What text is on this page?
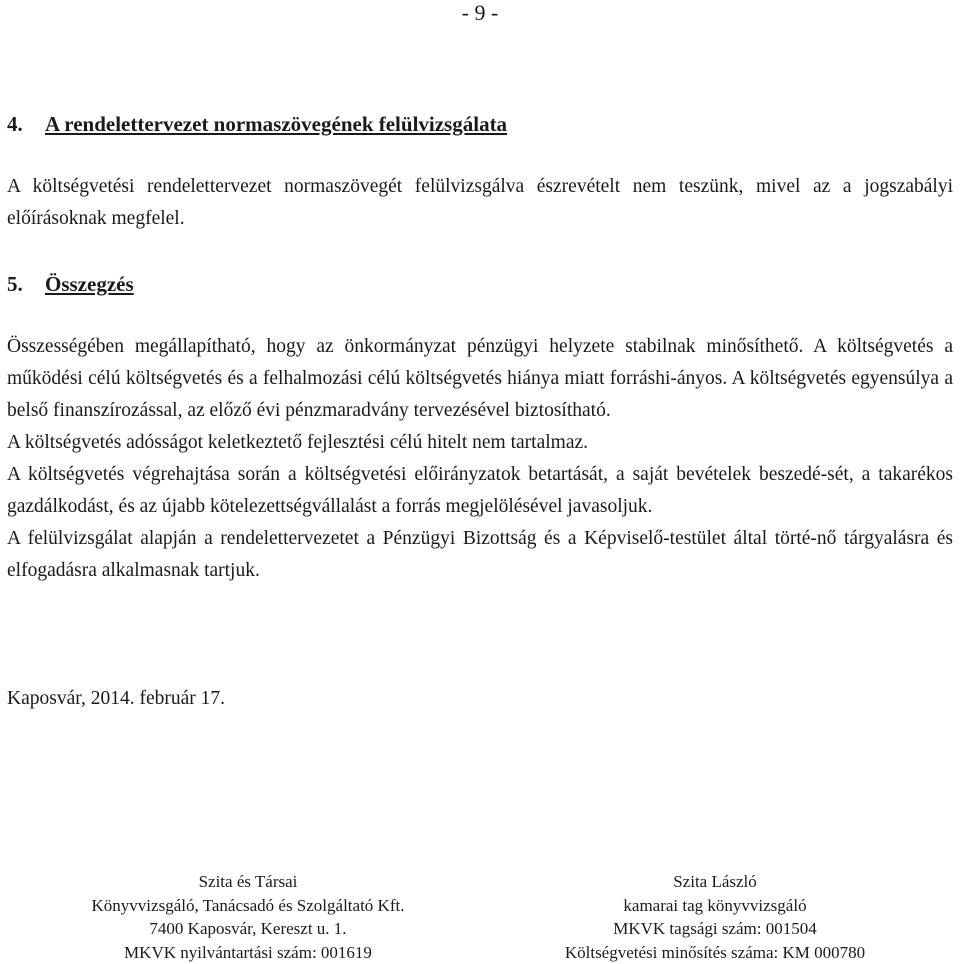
- 9 -
4. A rendelettervezet normaszövegének felülvizsgálata

A költségvetési rendelettervezet normaszövegét felülvizsgálva észrevételt nem teszünk, mivel az a jogszabályi előírásoknak megfelel.

5. Összegzés
Összességében megállapítható, hogy az önkormányzat pénzügyi helyzete stabilnak minősíthető. A költségvetés a működési célú költségvetés és a felhalmozási célú költségvetés hiánya miatt forráshi-ányos. A költségvetés egyensúlya a belső finanszírozással, az előző évi pénzmaradvány tervezésével biztosítható.
A költségvetés adósságot keletkeztető fejlesztési célú hitelt nem tartalmaz.
A költségvetés végrehajtása során a költségvetési előirányzatok betartását, a saját bevételek beszedé-sét, a takarékos gazdálkodást, és az újabb kötelezettségvállalást a forrás megjelölésével javasoljuk.
A felülvizsgálat alapján a rendelettervezetet a Pénzügyi Bizottság és a Képviselő-testület által törté-nő tárgyalásra és elfogadásra alkalmasnak tartjuk.

Kaposvár, 2014. február 17.

Szita és Társai
Könyvvizsgáló, Tanácsadó és Szolgáltató Kft.
7400 Kaposvár, Kereszt u. 1.
MKVK nyilvántartási szám: 001619
Szita László
kamarai tag könyvvizsgáló
MKVK tagsági szám: 001504
Költségvetési minősítés száma: KM 000780
